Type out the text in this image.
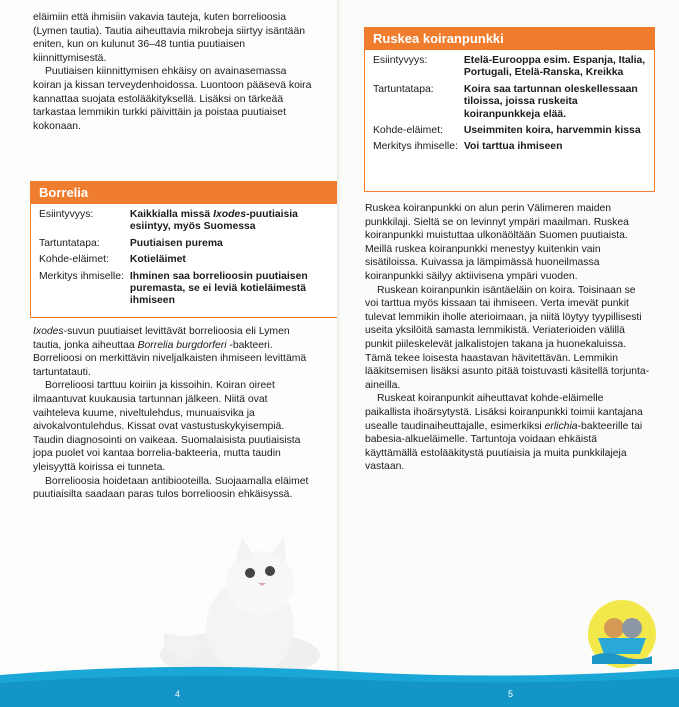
eläimiin että ihmisiin vakavia tauteja, kuten borrelioosia (Lymen tautia). Tautia aiheuttavia mikrobeja siirtyy isäntään eniten, kun on kulunut 36–48 tuntia puutiaisen kiinnittymisestä.

Puutiaisen kiinnittymisen ehkäisy on avainasemassa koiran ja kissan terveydenhoidossa. Luontoon pääsevä koira kannattaa suojata estolääkityksellä. Lisäksi on tärkeää tarkastaa lemmikin turkki päivittäin ja poistaa puutiaiset kokonaan.

Borrelia
Esiintyvyys:	Kaikkialla missä Ixodes-puutiaisia esiintyy, myös Suomessa
Tartuntatapa:	Puutiaisen purema
Kohde-eläimet:	Kotieläimet
Merkitys ihmiselle:	Ihminen saa borrelioosin puutiaisen puremasta, se ei leviä kotieläimestä ihmiseen

Ixodes-suvun puutiaiset levittävät borrelioosia eli Lymen tautia, jonka aiheuttaa Borrelia burgdorferi -bakteeri. Borrelioosi on merkittävin niveljalkaisten ihmiseen levittämä tartuntatauti.

Borrelioosi tarttuu koiriin ja kissoihin. Koiran oireet ilmaantuvat kuukausia tartunnan jälkeen. Niitä ovat vaihteleva kuume, niveltulehdus, munuaisvika ja aivokalvontulehdus. Kissat ovat vastustuskykyisempiä. Taudin diagnosointi on vaikeaa. Suomalaisista puutiaisista jopa puolet voi kantaa borrelia-bakteeria, mutta taudin yleisyyttä koirissa ei tunneta.

Borrelioosia hoidetaan antibiooteilla. Suojaamalla eläimet puutiaisilta saadaan paras tulos borrelioosin ehkäisyssä.

Ruskea koiranpunkki
Esiintyvyys:	Etelä-Eurooppa esim. Espanja, Italia, Portugali, Etelä-Ranska, Kreikka
Tartuntatapa:	Koira saa tartunnan oleskellessaan tiloissa, joissa ruskeita koiranpunkkeja elää.
Kohde-eläimet:	Useimmiten koira, harvemmin kissa
Merkitys ihmiselle:	Voi tarttua ihmiseen

Ruskea koiranpunkki on alun perin Välimeren maiden punkkilaji. Sieltä se on levinnyt ympäri maailman. Ruskea koiranpunkki muistuttaa ulkonäöltään Suomen puutiaista. Meillä ruskea koiranpunkki menestyy kuitenkin vain sisätiloissa. Kuivassa ja lämpimässä huoneilmassa koiranpunkki säilyy aktiivisena ympäri vuoden.

Ruskean koiranpunkin isäntäeläin on koira. Toisinaan se voi tarttua myös kissaan tai ihmiseen. Verta imevät punkit tulevat lemmikin iholle aterioimaan, ja niitä löytyy tyypillisesti useita yksilöitä samasta lemmikistä. Veriaterioiden välillä punkit piileskelevät jalkalistojen takana ja huonekaluissa. Tämä tekee loisesta haastavan hävitettävän. Lemmikin lääkitsemisen lisäksi asunto pitää toistuvasti käsitellä torjunta-aineilla.

Ruskeat koiranpunkit aiheuttavat kohde-eläimelle paikallista ihoärsytystä. Lisäksi koiranpunkki toimii kantajana usealle taudinaiheuttajalle, esimerkiksi erlichia-bakteerille tai babesia-alkueläimelle. Tartuntoja voidaan ehkäistä käyttämällä estolääkitystä puutiaisia ja muita punkkilajeja vastaan.

4	5
